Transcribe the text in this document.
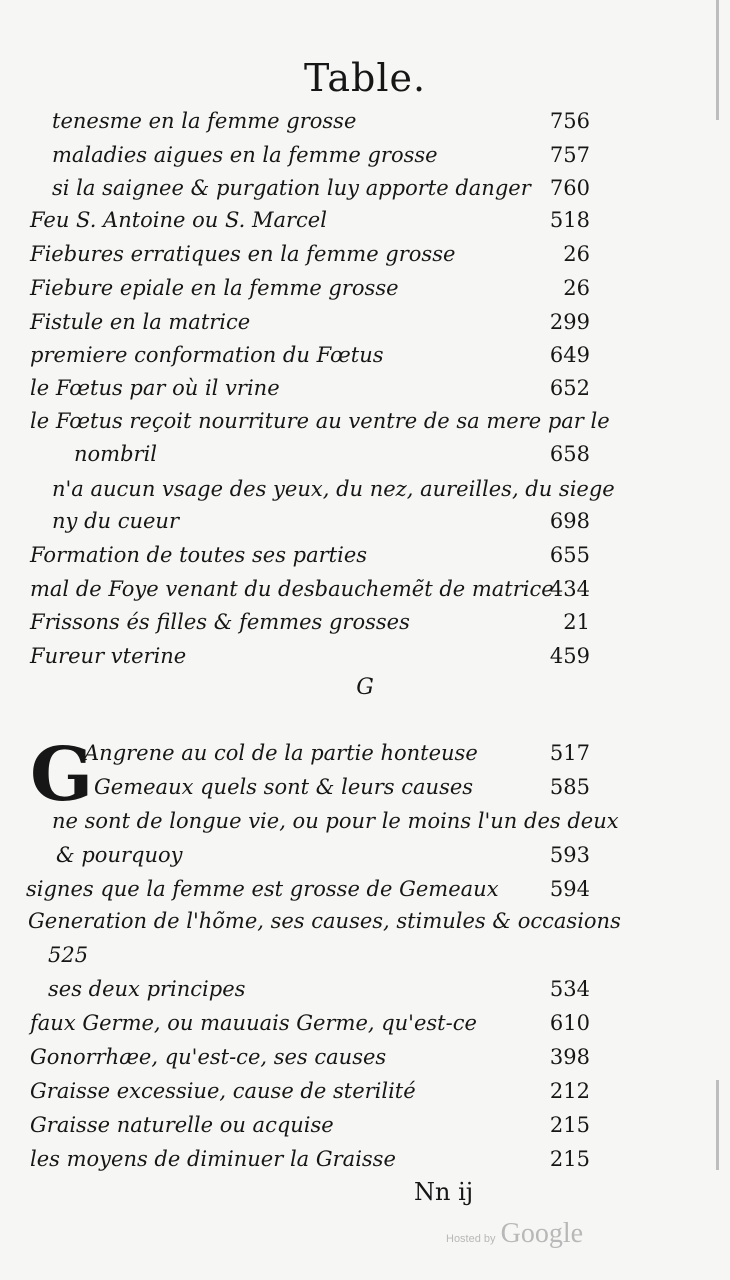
Table.
tenesme en la femme grosse	756
maladies aigues en la femme grosse	757
si la saignee & purgation luy apporte danger 760
Feu S. Antoine ou S. Marcel	518
Fiebures erratiques en la femme grosse	26
Fiebure epiale en la femme grosse	26
Fistule en la matrice	299
premiere conformation du Fœtus	649
le Fœtus par où il vrine	652
le Fœtus reçoit nourriture au ventre de sa mere par le
nombril	658
n'a aucun vsage des yeux, du nez, aureilles, du siege
ny du cueur	698
Formation de toutes ses parties	655
mal de Foye venant du desbauchemẽt de matrice
434
Frissons és filles & femmes grosses	21
Fureur vterine	459
G
G
Angrene au col de la partie honteuse	517
Gemeaux quels sont & leurs causes	585
ne sont de longue vie, ou pour le moins l'un des deux
& pourquoy	593
signes que la femme est grosse de Gemeaux 594
Generation de l'hõme, ses causes, stimules & occasions
525
ses deux principes	534
faux Germe, ou mauuais Germe, qu'est-ce	610
Gonorrhæe, qu'est-ce, ses causes	398
Graisse excessiue, cause de sterilité	212
Graisse naturelle ou acquise	215
les moyens de diminuer la Graisse	215
Nn ij
Hosted by Google
